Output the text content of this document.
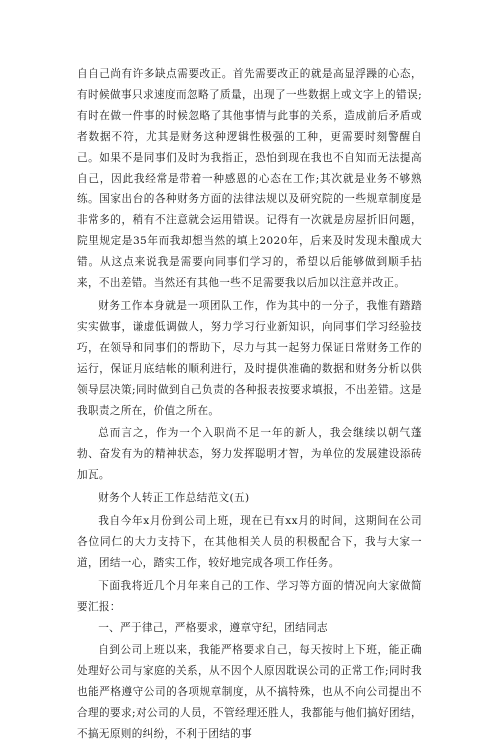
自自己尚有许多缺点需要改正。首先需要改正的就是高显浮躁的心态，有时候做事只求速度而忽略了质量，出现了一些数据上或文字上的错误;有时在做一件事的时候忽略了其他事情与此事的关系，造成前后矛盾或者数据不符，尤其是财务这种逻辑性极强的工种，更需要时刻警醒自己。如果不是同事们及时为我指正，恐怕到现在我也不自知而无法提高自己，因此我经常是带着一种感恩的心态在工作;其次就是业务不够熟练。国家出台的各种财务方面的法律法规以及研究院的一些规章制度是非常多的，稍有不注意就会运用错误。记得有一次就是房屋折旧问题，院里规定是35年而我却想当然的填上2020年，后来及时发现未酿成大错。从这点来说我是需要向同事们学习的，希望以后能够做到顺手拈来，不出差错。当然还有其他一些不足需要我以后加以注意并改正。

财务工作本身就是一项团队工作，作为其中的一分子，我惟有踏踏实实做事，谦虚低调做人，努力学习行业新知识，向同事们学习经验技巧，在领导和同事们的帮助下，尽力与其一起努力保证日常财务工作的运行，保证月底结帐的顺利进行，及时提供准确的数据和财务分析以供领导层决策;同时做到自己负责的各种报表按要求填报，不出差错。这是我职责之所在，价值之所在。

总而言之，作为一个入职尚不足一年的新人，我会继续以朝气蓬勃、奋发有为的精神状态，努力发挥聪明才智，为单位的发展建设添砖加瓦。

财务个人转正工作总结范文(五)

我自今年x月份到公司上班，现在已有xx月的时间，这期间在公司各位同仁的大力支持下，在其他相关人员的积极配合下，我与大家一道，团结一心，踏实工作，较好地完成各项工作任务。

下面我将近几个月年来自己的工作、学习等方面的情况向大家做简要汇报：

一、严于律己，严格要求，遵章守纪，团结同志

自到公司上班以来，我能严格要求自己，每天按时上下班，能正确处理好公司与家庭的关系，从不因个人原因耽误公司的正常工作;同时我也能严格遵守公司的各项规章制度，从不搞特殊，也从不向公司提出不合理的要求;对公司的人员，不管经理还胜人，我都能与他们搞好团结，不搞无原则的纠纷，不利于团结的事
